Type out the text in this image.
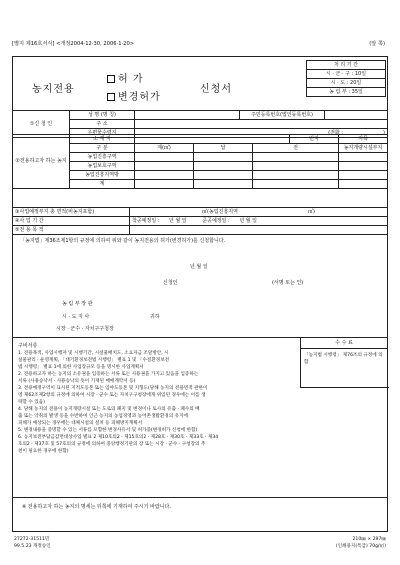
[별지 제16호서식] <개정2004·12·30, 2006·1·20>	(앞 쪽)
농지전용
허 가
변경허가
신청서
처 리 기 간
시 · 군 · 구 : 10일
시 · 도 : 20일
농 림 부 : 35일
①신 청 인	성 명 (명 칭)		주민등록번호(법인등록번호)	
	주 소			
	우편물수령지	(전화 : )		
②전용하고자 하는 농지	소 재 지				번지	지목
	구 분	계(㎡)	답	전		농지개량시설부지
	농업진흥구역					
	농업보호구역					
	농업진흥지역밖					
	계					
③사업예정부지 총 면적(비농지포함)	㎡(농업진흥지역 ㎡)
④사 업 기 간	착공예정일 : 년 월 일 준공예정일 : 년 월 일
⑤전 용 목 적	
「농지법」제36조제1항의 규정에 의하여 위와 같이 농지전용의 허가(변경허가)를 신청합니다.
년 월 일
신청인	(서명 또는 인)
농 림 부 장 관
시 · 도 지 사	귀하
시장 · 군수 · 자치구구청장
수 수 료
「농지법 시행령」 제76조의 규정에 의함
구비서류
1. 전용목적, 사업시행자 및 시행기간, 시설물배치도, 소요자금 조달방안, 시
설물관리 · 운영계획, 「대기환경보전법 시행령」 별표 1 및 「수질환경보전
법 시행령」 별표 1에 의한 사업장규모 등을 명시한 사업계획서
2. 전용하고자 하는 농지의 소유권을 입증하는 서류 또는 사용권을 가지고 있음을 입증하는
서류 (사용승낙서 · 사용승낙의 뜻이 기재된 매매계약서 등)
3. 전용예정구역이 표시된 지적도등본 또는 임야도등본 및 지형도(당해 농지의 전용면적 관한이
영 제62조제2항의 규정에 의하여 시장 · 군수 또는 자치구구청장에게 위임된 경우에는 이를 생
략할 수 있음)
4. 당해 농지의 전용이 농지개량시설 또는 도로의 폐지 및 변경이나 토사의 유출 · 폐수의 배
출 또는 악취의 발생 등을 수반하여 인근 농지의 농업경영과 농어촌생활환경의 유지에
피해가 예상되는 경우에는 대체시설의 설치 등 피해방지계획서
5. 변경내용을 증명할 수 있는 서류를 포함한 변경사유서 및 허가증(변경허가 신청에 한함)
6. 농지보전부담금감면대상사업 별표 2 제10호의2 · 제15호의2 · 제28호 · 제30호 · 제33호 · 제34
호의2 · 제37호 및 57호의의 규정에 의하여 중앙행정기관의 장 또는 시장 · 군수 · 구청장의 추
천이 필요한 경우에 한함)
※ 전용하고자 하는 농지의 명세는 뒤쪽에 기재하여 주시기 바랍니다.
27272-31511민
99.5.23 개정승인
210㎜ × 297㎜
(인쇄용지(특급) 70g/㎡)
